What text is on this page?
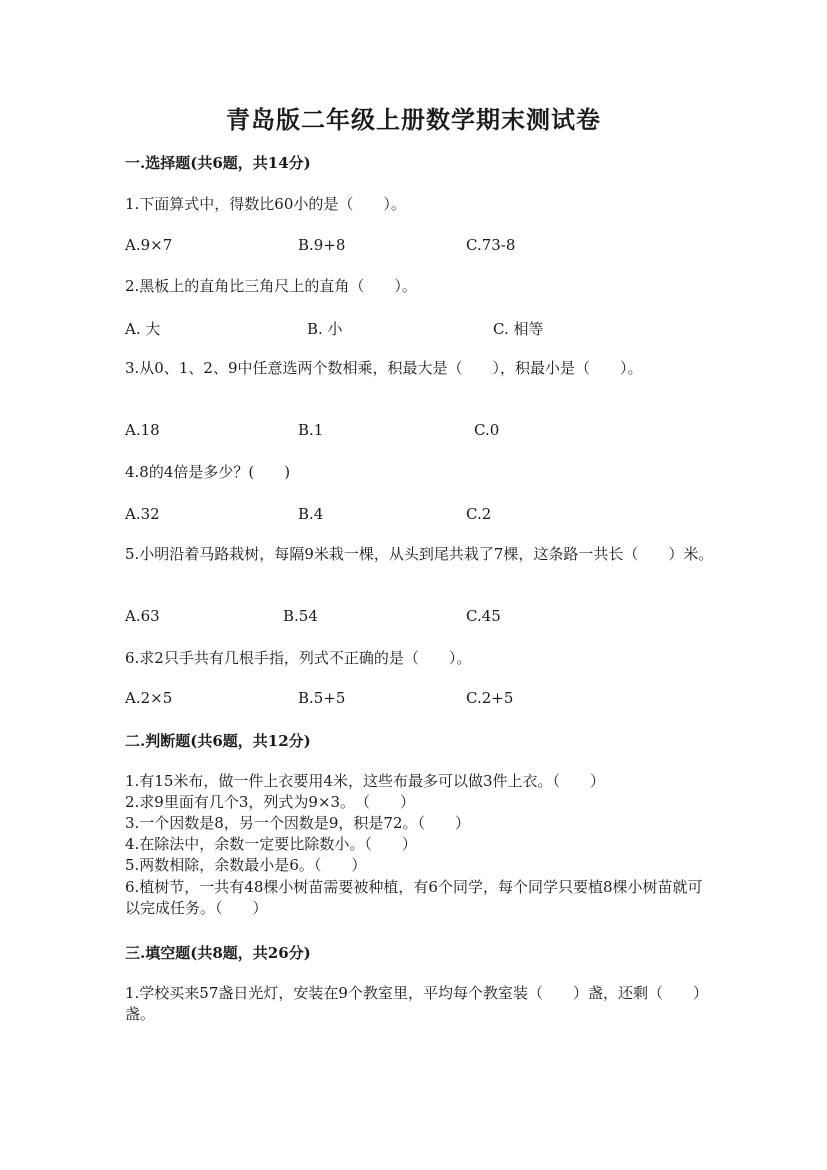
青岛版二年级上册数学期末测试卷
一.选择题(共6题，共14分)
1.下面算式中，得数比60小的是（　　）。
A.9×7	B.9+8	C.73-8
2.黑板上的直角比三角尺上的直角（　　）。
A. 大	B. 小	C. 相等
3.从0、1、2、9中任意选两个数相乘，积最大是（　　），积最小是（　　）。
A.18	B.1	C.0
4.8的4倍是多少？(　　)
A.32	B.4	C.2
5.小明沿着马路栽树，每隔9米栽一棵，从头到尾共栽了7棵，这条路一共长（　　）米。
A.63	B.54	C.45
6.求2只手共有几根手指，列式不正确的是（　　）。
A.2×5	B.5+5	C.2+5
二.判断题(共6题，共12分)
1.有15米布，做一件上衣要用4米，这些布最多可以做3件上衣。（　　）
2.求9里面有几个3，列式为9×3。　（　　）
3.一个因数是8，另一个因数是9，积是72。（　　）
4.在除法中，余数一定要比除数小。（　　）
5.两数相除，余数最小是6。（　　）
6.植树节，一共有48棵小树苗需要被种植，有6个同学，每个同学只要植8棵小树苗就可以完成任务。（　　）
三.填空题(共8题，共26分)
1.学校买来57盏日光灯，安装在9个教室里，平均每个教室装（　　）盏，还剩（　　）盏。
